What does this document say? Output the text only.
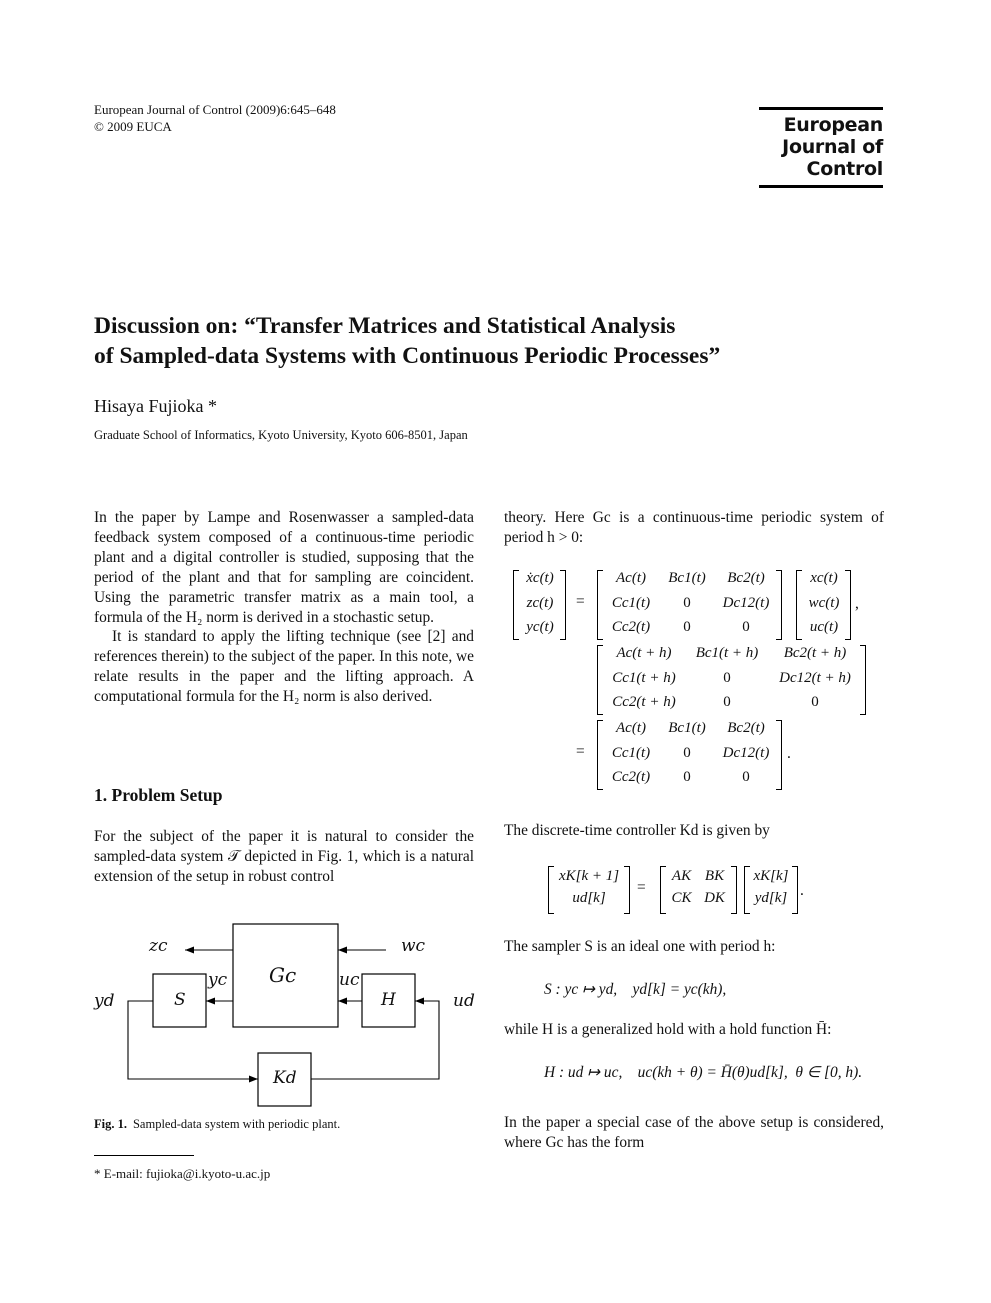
European Journal of Control (2009)6:645–648
© 2009 EUCA	European
Journal of
Control
Discussion on: “Transfer Matrices and Statistical Analysis
of Sampled-data Systems with Continuous Periodic Processes”
Hisaya Fujioka *
Graduate School of Informatics, Kyoto University, Kyoto 606-8501, Japan

In the paper by Lampe and Rosenwasser a sampled-data feedback system composed of a continuous-time periodic plant and a digital controller is studied, supposing that the period of the plant and that for sampling are coincident. Using the parametric transfer matrix as a main tool, a formula of the H₂ norm is derived in a stochastic setup.

It is standard to apply the lifting technique (see [2] and references therein) to the subject of the paper. In this note, we relate results in the paper and the lifting approach. A computational formula for the H₂ norm is also derived.

1. Problem Setup

For the subject of the paper it is natural to consider the sampled-data system 𝒯 depicted in Fig. 1, which is a natural extension of the setup in robust control

Gc
S	H
Kd
zc	wc
yc	uc
yd	ud
Fig. 1. Sampled-data system with periodic plant.
* E-mail: fujioka@i.kyoto-u.ac.jp

theory. Here Gc is a continuous-time periodic system of period h > 0:

ẋc(t)
zc(t)
yc(t)
=
Ac(t) Bc1(t) Bc2(t)
Cc1(t) 0 Dc12(t)
Cc2(t) 0	0
xc(t)
wc(t)
uc(t)
,
Ac(t + h) Bc1(t + h) Bc2(t + h)
Cc1(t + h)	0	Dc12(t + h)
Cc2(t + h)	0	0
=
Ac(t) Bc1(t) Bc2(t)
Cc1(t) 0 Dc12(t)
Cc2(t) 0	0
.

The discrete-time controller Kd is given by

xK[k + 1]
ud[k]
=
AK BK
CK DK
xK[k]
yd[k] .

The sampler S is an ideal one with period h:

S : yc ↦ yd,    yd[k] = yc(kh),

while H is a generalized hold with a hold function H̄:

H : ud ↦ uc,    uc(kh + θ) = H̄(θ)ud[k],  θ ∈ [0, h).

In the paper a special case of the above setup is considered, where Gc has the form
